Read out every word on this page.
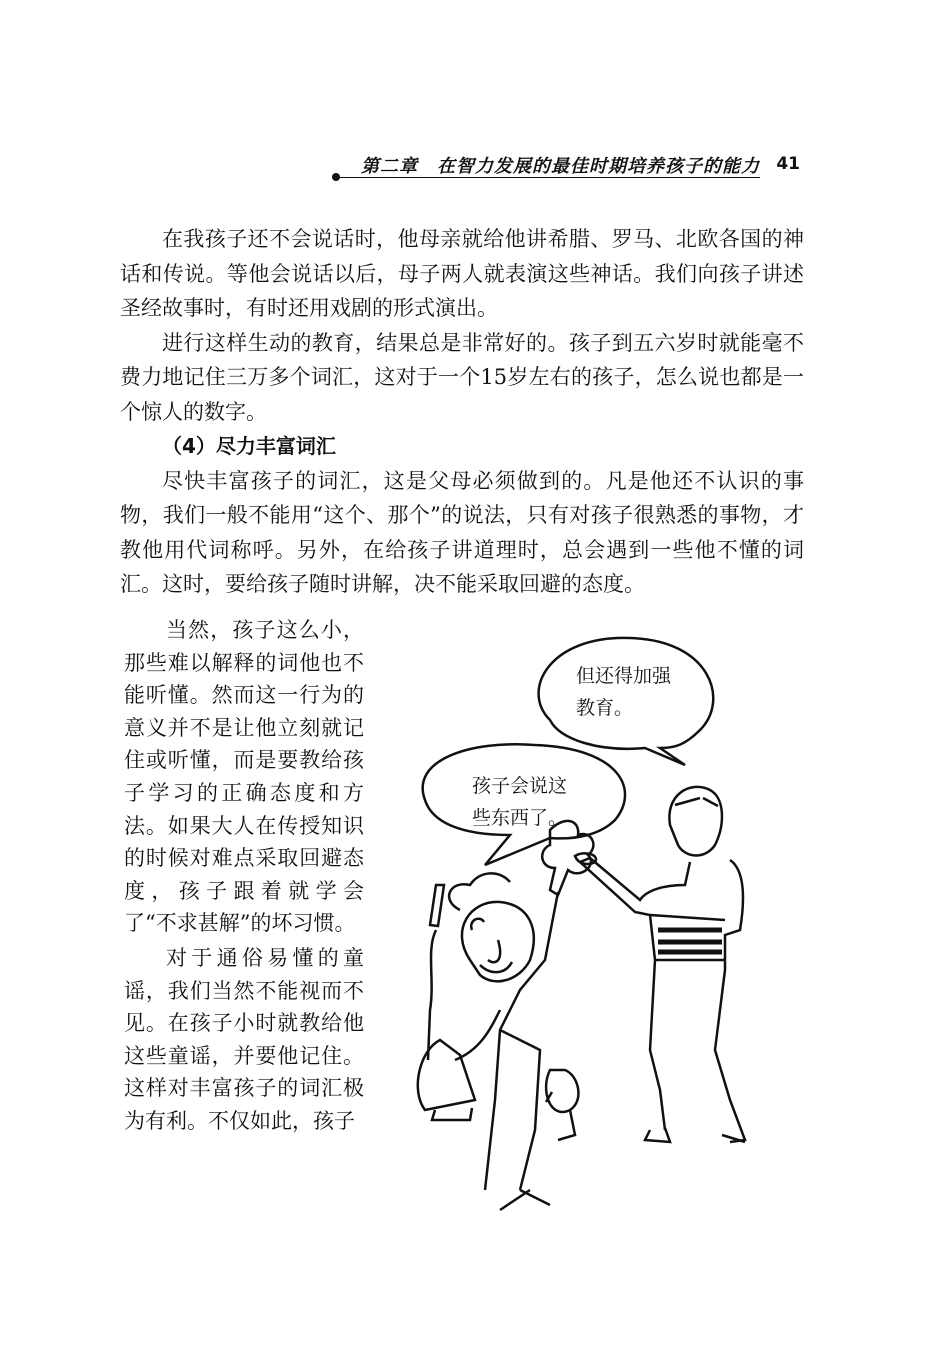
第二章　在智力发展的最佳时期培养孩子的能力 41

在我孩子还不会说话时，他母亲就给他讲希腊、罗马、北欧各国的神话和传说。等他会说话以后，母子两人就表演这些神话。我们向孩子讲述圣经故事时，有时还用戏剧的形式演出。

进行这样生动的教育，结果总是非常好的。孩子到五六岁时就能毫不费力地记住三万多个词汇，这对于一个15岁左右的孩子，怎么说也都是一个惊人的数字。

（4）尽力丰富词汇

尽快丰富孩子的词汇，这是父母必须做到的。凡是他还不认识的事物，我们一般不能用“这个、那个”的说法，只有对孩子很熟悉的事物，才教他用代词称呼。另外，在给孩子讲道理时，总会遇到一些他不懂的词汇。这时，要给孩子随时讲解，决不能采取回避的态度。

当然，孩子这么小，那些难以解释的词他也不能听懂。然而这一行为的意义并不是让他立刻就记住或听懂，而是要教给孩子学习的正确态度和方法。如果大人在传授知识的时候对难点采取回避态度，孩子跟着就学会了“不求甚解”的坏习惯。

对于通俗易懂的童谣，我们当然不能视而不见。在孩子小时就教给他这些童谣，并要他记住。这样对丰富孩子的词汇极为有利。不仅如此，孩子

但还得加强
教育。
孩子会说这
些东西了。
